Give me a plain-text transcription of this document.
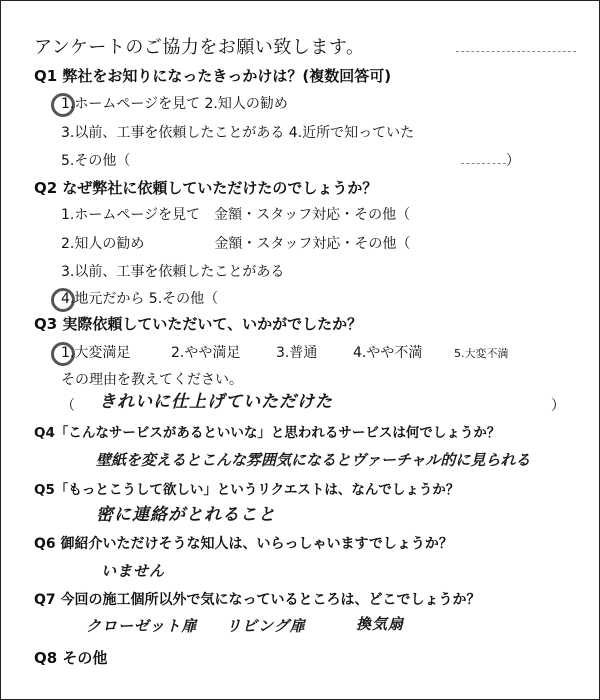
アンケートのご協力をお願い致します。
Q1 弊社をお知りになったきっかけは？(複数回答可)
1.ホームページを見て 2.知人の勧め
3.以前、工事を依頼したことがある 4.近所で知っていた
5.その他（	）
Q2 なぜ弊社に依頼していただけたのでしょうか？
1.ホームページを見て　金額・スタッフ対応・その他（
2.知人の勧め　　　　　金額・スタッフ対応・その他（
3.以前、工事を依頼したことがある
4.地元だから 5.その他（
Q3 実際依頼していただいて、いかがでしたか？
1.大変満足	2.やや満足	3.普通	4.やや不満	5.大変不満
その理由を教えてください。
（ きれいに仕上げていただけた	）
Q4「こんなサービスがあるといいな」と思われるサービスは何でしょうか？
壁紙を変えるとこんな雰囲気になるとヴァーチャル的に見られる
Q5「もっとこうして欲しい」というリクエストは、なんでしょうか？
密に連絡がとれること
Q6 御紹介いただけそうな知人は、いらっしゃいますでしょうか？
いません
Q7 今回の施工個所以外で気になっているところは、どこでしょうか？
クローゼット扉 リビング扉	換気扇
Q8 その他
